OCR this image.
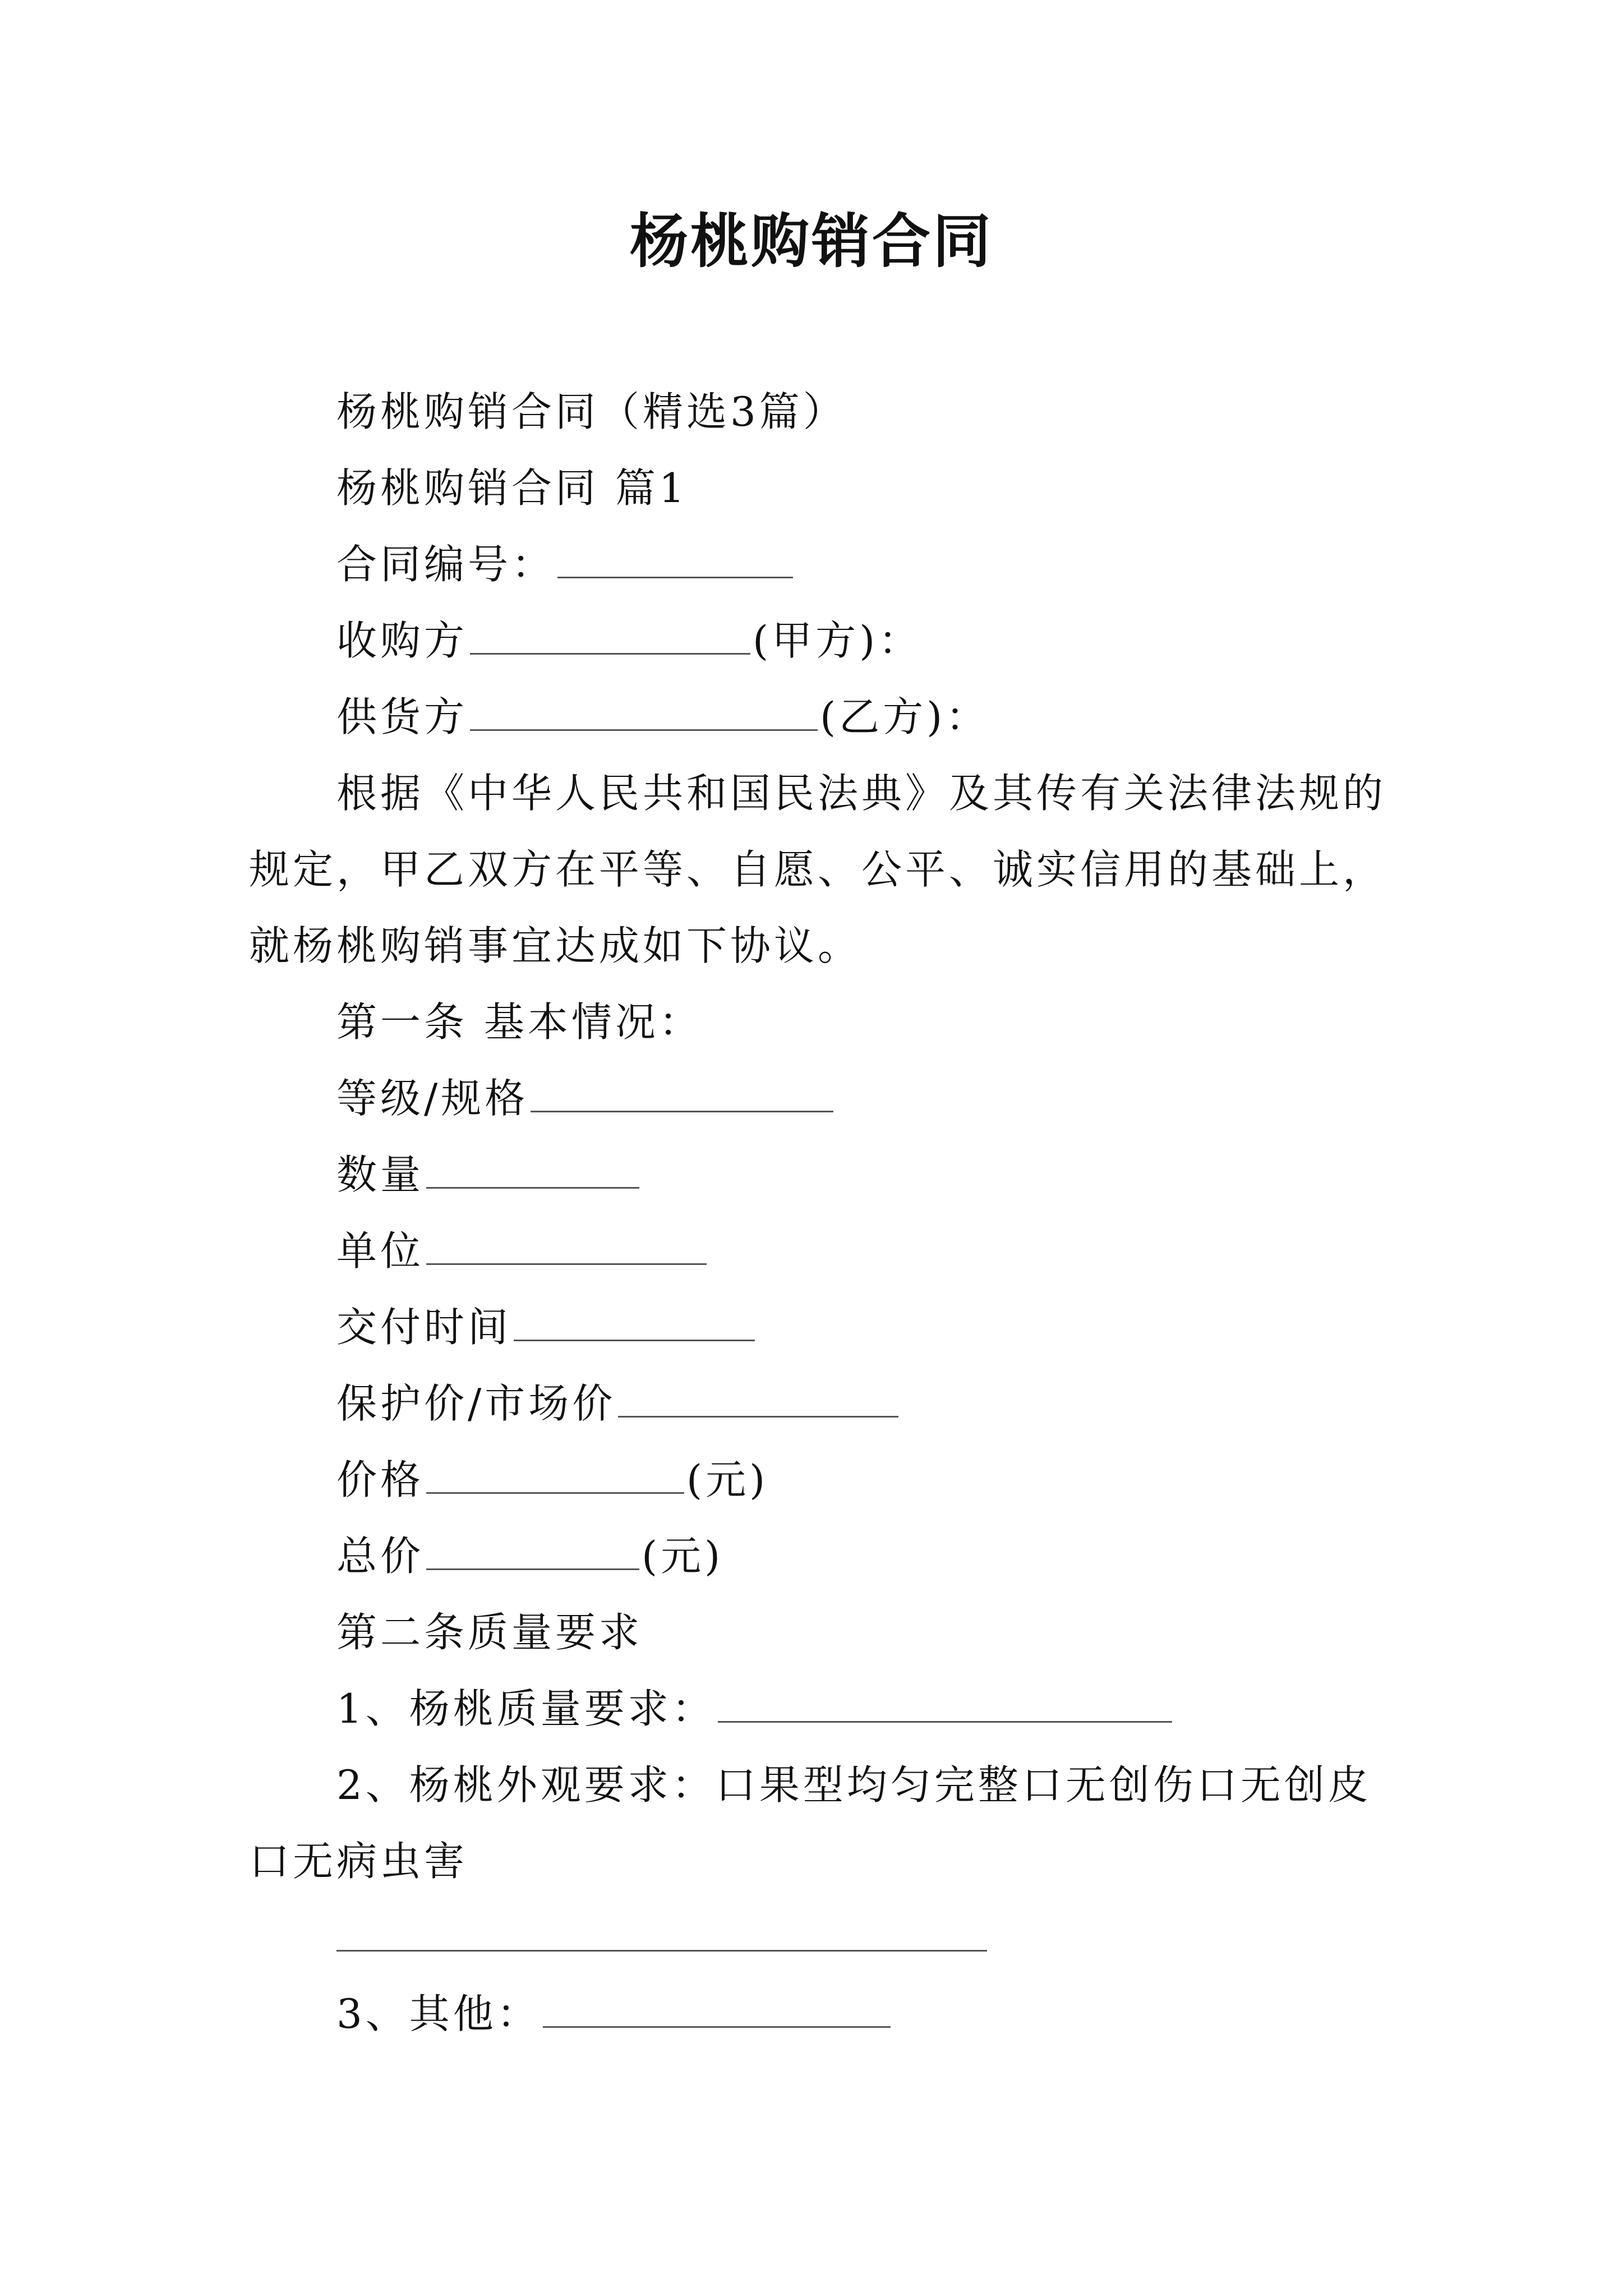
杨桃购销合同
杨桃购销合同（精选3篇）
杨桃购销合同 篇1
合同编号：
收购方	(甲方)：
供货方	(乙方)：
根据《中华人民共和国民法典》及其传有关法律法规的
规定，甲乙双方在平等、自愿、公平、诚实信用的基础上，
就杨桃购销事宜达成如下协议。
第一条 基本情况：
等级/规格
数量
单位
交付时间
保护价/市场价
价格	(元)
总价	(元)
第二条质量要求
1、杨桃质量要求：
2、杨桃外观要求：口果型均匀完整口无创伤口无创皮
口无病虫害
3、其他：
